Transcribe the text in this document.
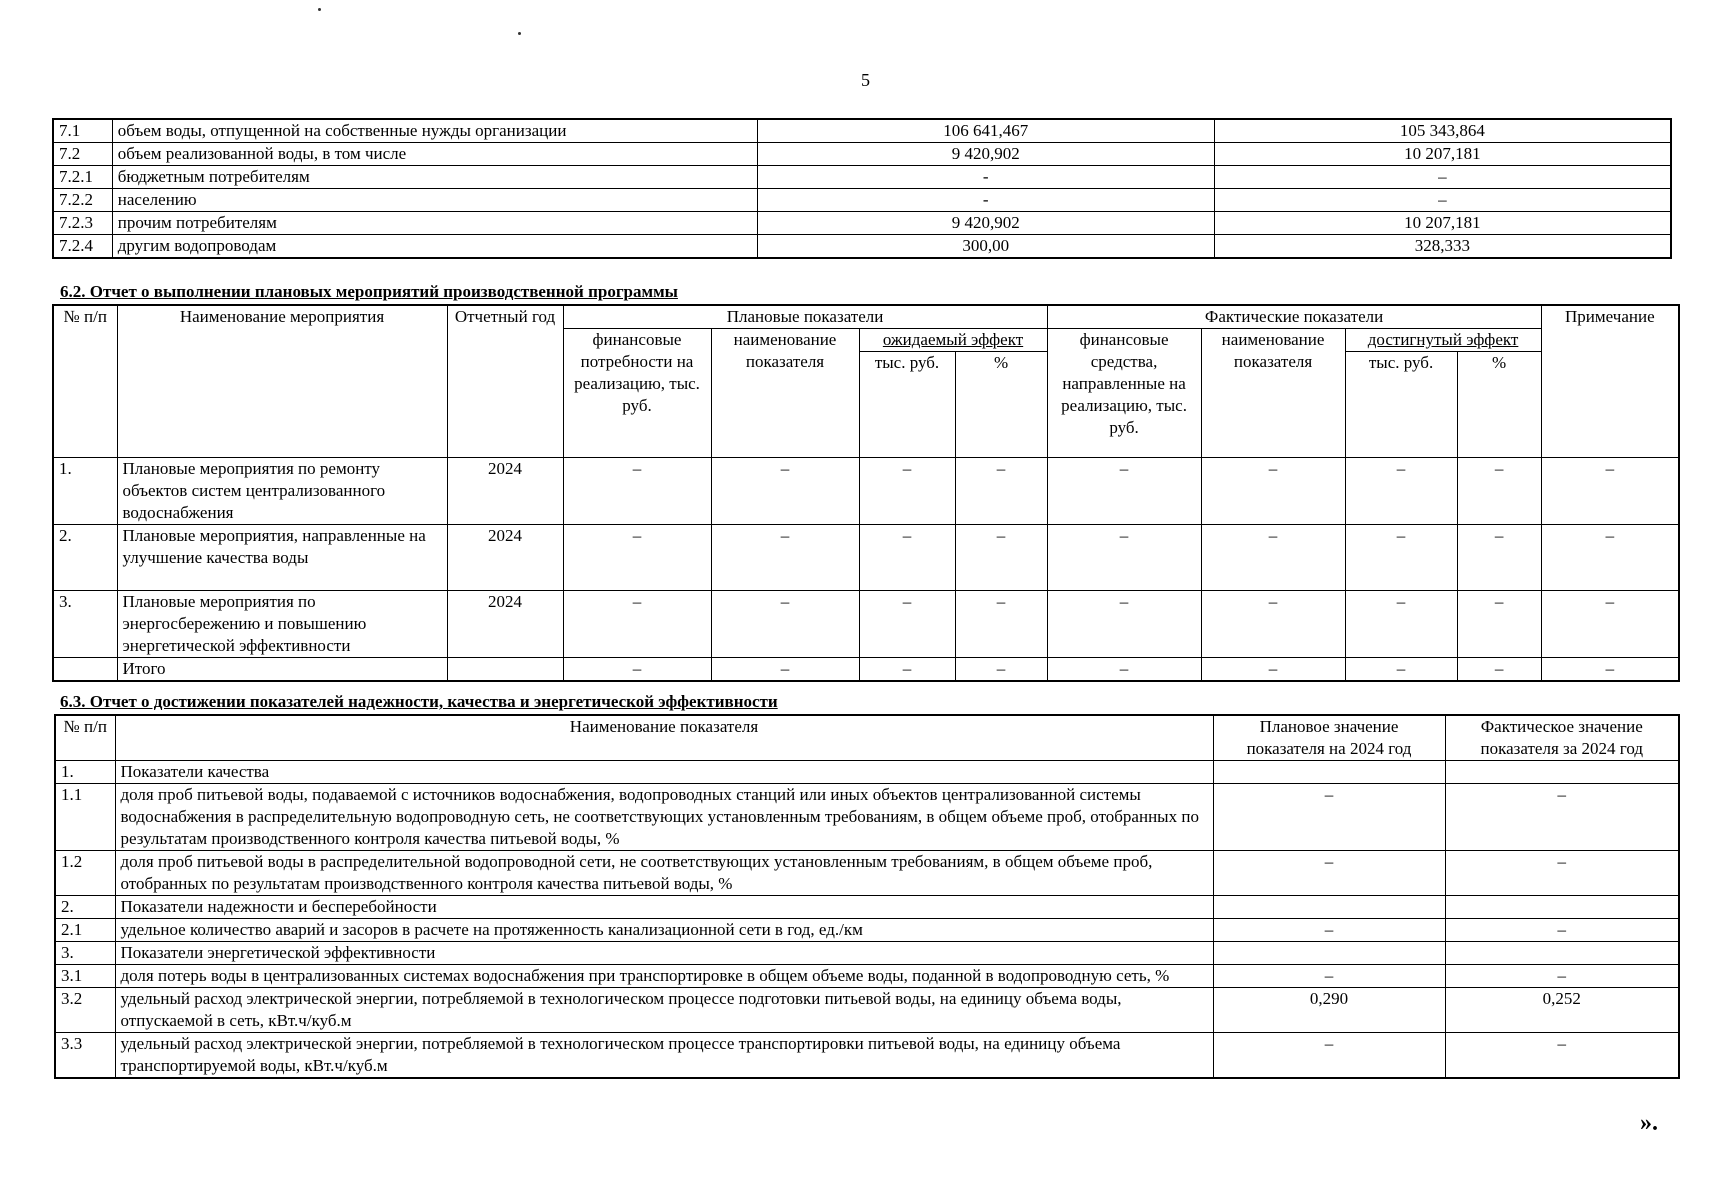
5
7.1	объем воды, отпущенной на собственные нужды организации	106 641,467	105 343,864
7.2	объем реализованной воды, в том числе	9 420,902	10 207,181
7.2.1	бюджетным потребителям	-	–
7.2.2	населению	-	–
7.2.3	прочим потребителям	9 420,902	10 207,181
7.2.4	другим водопроводам	300,00	328,333
6.2. Отчет о выполнении плановых мероприятий производственной программы
№ п/п	Наименование мероприятия	Отчетный год	Плановые показатели				Фактические показатели				Примечание
			финансовые потребности на реализацию, тыс. руб.	наименование показателя	ожидаемый эффект		финансовые средства, направленные на реализацию, тыс. руб.	наименование показателя	достигнутый эффект		
					тыс. руб.	%			тыс. руб.	%	
1.	Плановые мероприятия по ремонту объектов систем централизованного водоснабжения	2024	–	–	–	–	–	–	–	–	–
2.	Плановые мероприятия, направленные на улучшение качества воды	2024	–	–	–	–	–	–	–	–	–
3.	Плановые мероприятия по энергосбережению и повышению энергетической эффективности	2024	–	–	–	–	–	–	–	–	–
	Итого		–	–	–	–	–	–	–	–	–
6.3. Отчет о достижении показателей надежности, качества и энергетической эффективности
№ п/п	Наименование показателя	Плановое значение показателя на 2024 год	Фактическое значение показателя за 2024 год
1.	Показатели качества		
1.1	доля проб питьевой воды, подаваемой с источников водоснабжения, водопроводных станций или иных объектов централизованной системы водоснабжения в распределительную водопроводную сеть, не соответствующих установленным требованиям, в общем объеме проб, отобранных по результатам производственного контроля качества питьевой воды, %	–	–
1.2	доля проб питьевой воды в распределительной водопроводной сети, не соответствующих установленным требованиям, в общем объеме проб, отобранных по результатам производственного контроля качества питьевой воды, %	–	–
2.	Показатели надежности и бесперебойности		
2.1	удельное количество аварий и засоров в расчете на протяженность канализационной сети в год, ед./км	–	–
3.	Показатели энергетической эффективности		
3.1	доля потерь воды в централизованных системах водоснабжения при транспортировке в общем объеме воды, поданной в водопроводную сеть, %	–	–
3.2	удельный расход электрической энергии, потребляемой в технологическом процессе подготовки питьевой воды, на единицу объема воды, отпускаемой в сеть, кВт.ч/куб.м	0,290	0,252
3.3	удельный расход электрической энергии, потребляемой в технологическом процессе транспортировки питьевой воды, на единицу объема транспортируемой воды, кВт.ч/куб.м	–	–
».
